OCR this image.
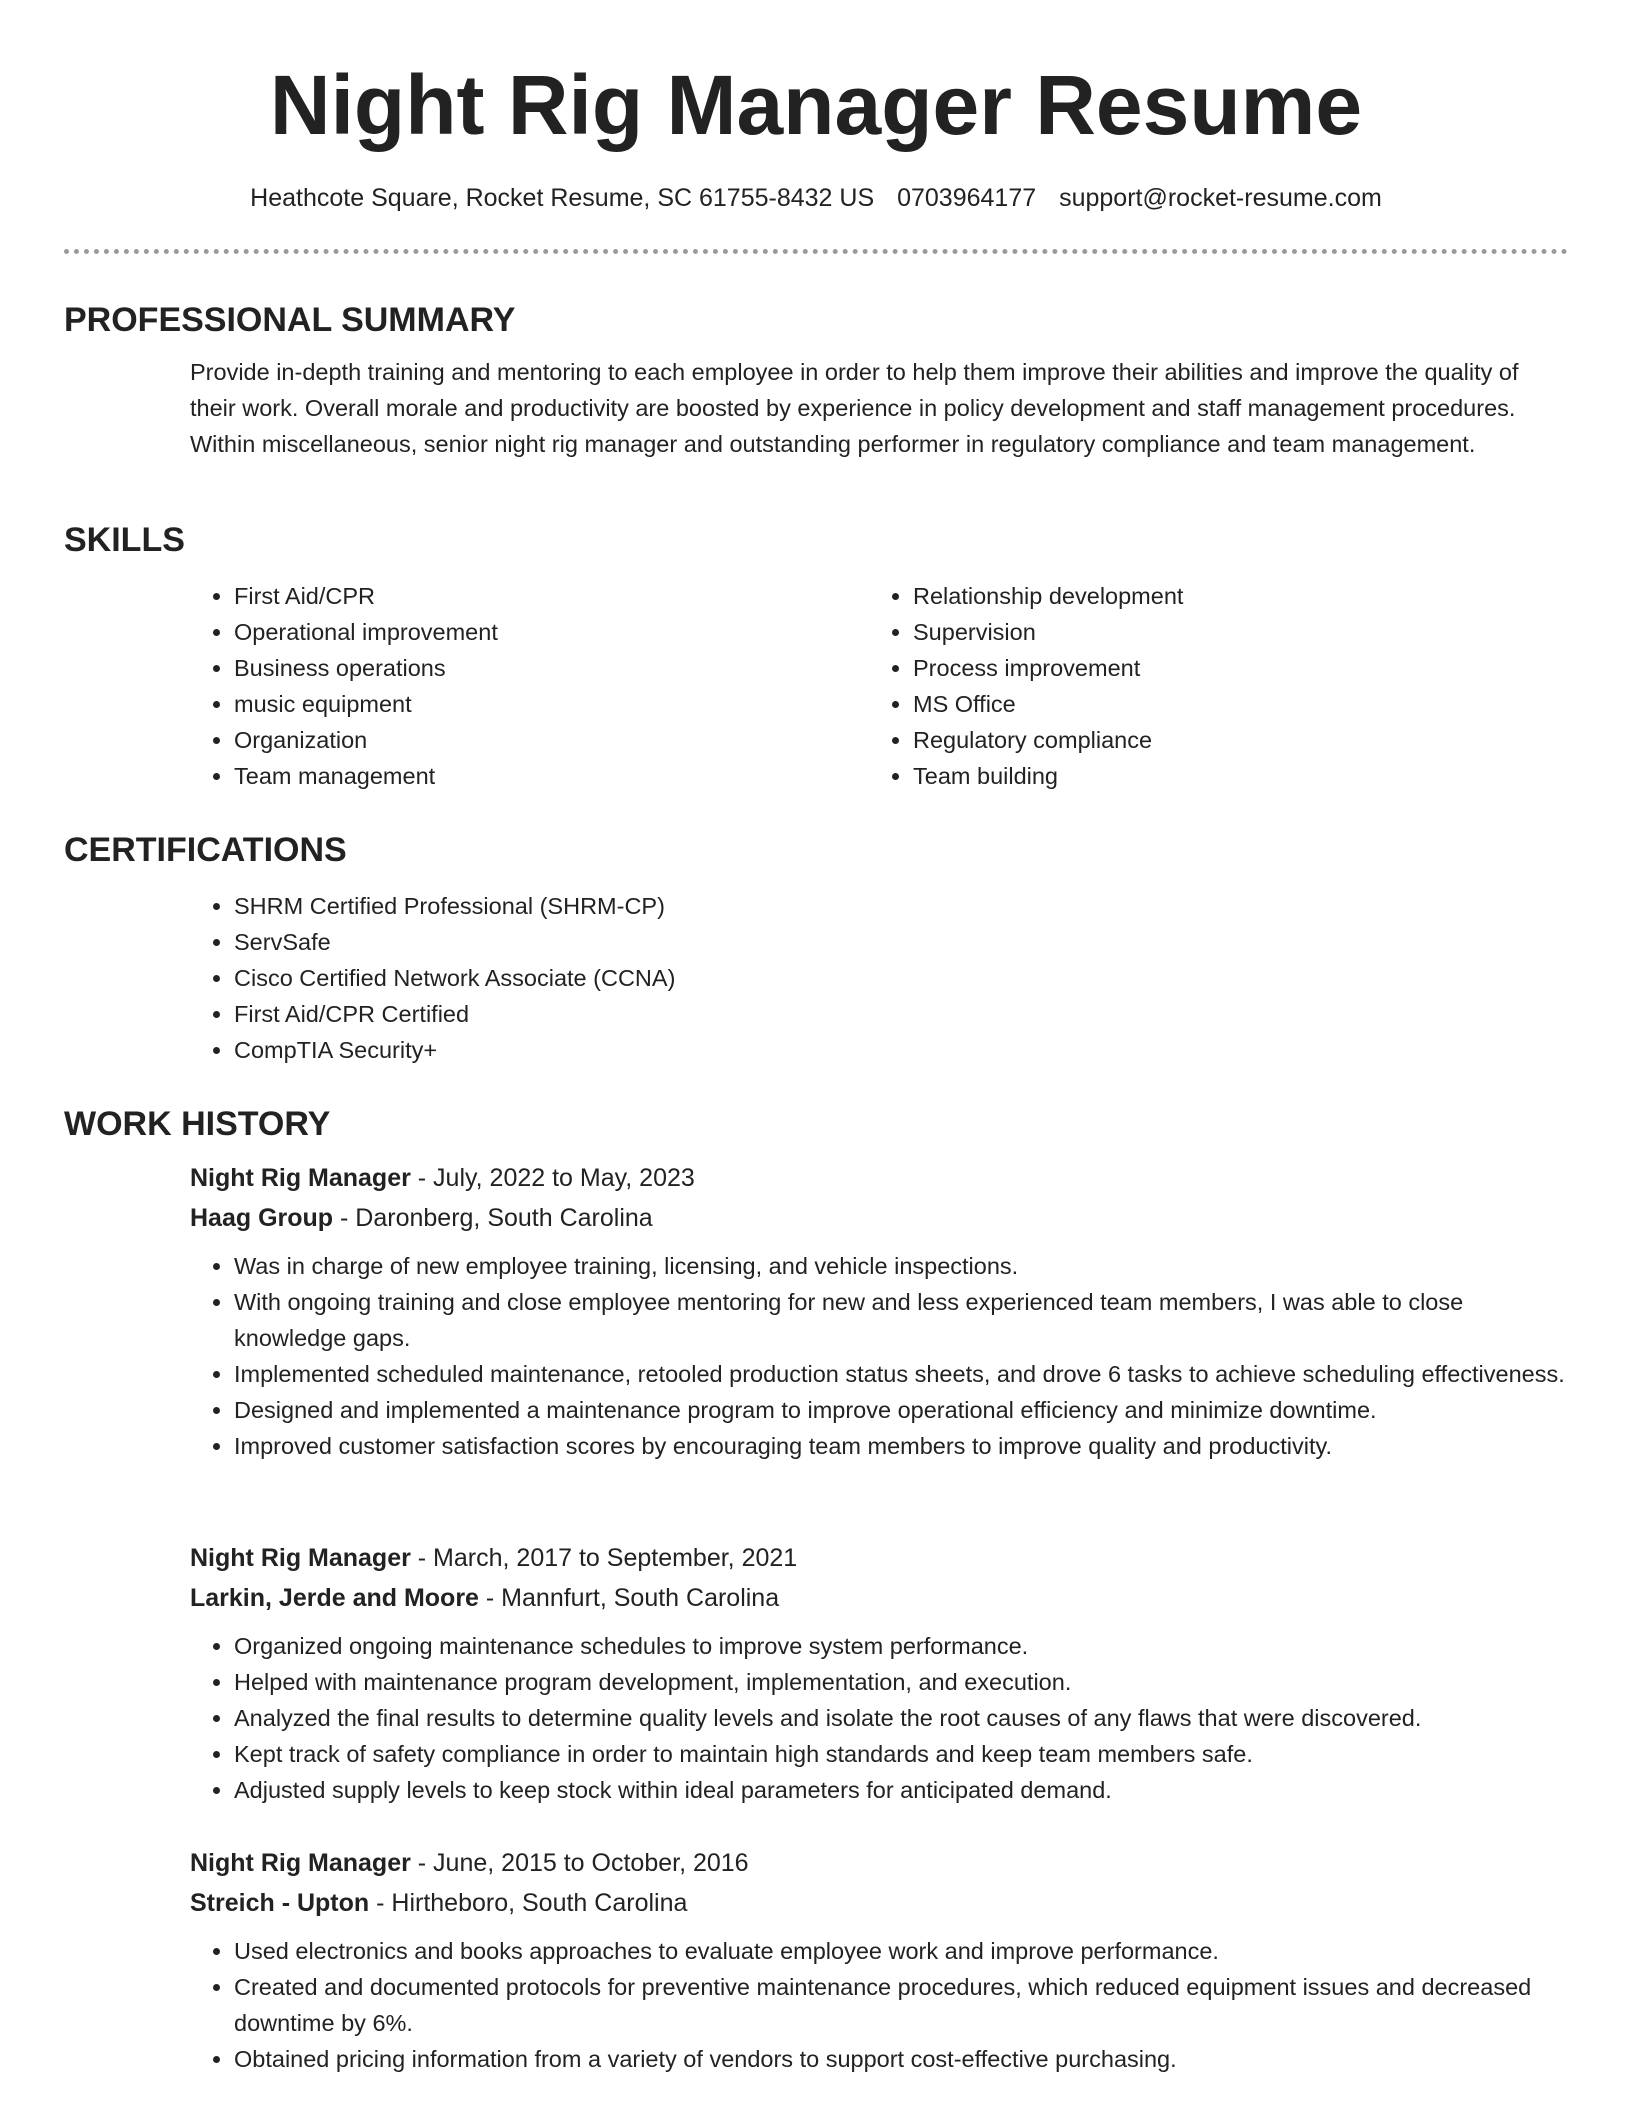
Night Rig Manager Resume
Heathcote Square, Rocket Resume, SC 61755-8432 US 0703964177 support@rocket-resume.com
PROFESSIONAL SUMMARY

Provide in-depth training and mentoring to each employee in order to help them improve their abilities and improve the quality of their work. Overall morale and productivity are boosted by experience in policy development and staff management procedures. Within miscellaneous, senior night rig manager and outstanding performer in regulatory compliance and team management.

SKILLS
• First Aid/CPR
• Operational improvement
• Business operations
• music equipment
• Organization
• Team management
• Relationship development
• Supervision
• Process improvement
• MS Office
• Regulatory compliance
• Team building
CERTIFICATIONS
• SHRM Certified Professional (SHRM-CP)
• ServSafe
• Cisco Certified Network Associate (CCNA)
• First Aid/CPR Certified
• CompTIA Security+
WORK HISTORY
Night Rig Manager - July, 2022 to May, 2023
Haag Group - Daronberg, South Carolina
• Was in charge of new employee training, licensing, and vehicle inspections.
• With ongoing training and close employee mentoring for new and less experienced team members, I was able to close knowledge gaps.
• Implemented scheduled maintenance, retooled production status sheets, and drove 6 tasks to achieve scheduling effectiveness.
• Designed and implemented a maintenance program to improve operational efficiency and minimize downtime.
• Improved customer satisfaction scores by encouraging team members to improve quality and productivity.
Night Rig Manager - March, 2017 to September, 2021
Larkin, Jerde and Moore - Mannfurt, South Carolina
• Organized ongoing maintenance schedules to improve system performance.
• Helped with maintenance program development, implementation, and execution.
• Analyzed the final results to determine quality levels and isolate the root causes of any flaws that were discovered.
• Kept track of safety compliance in order to maintain high standards and keep team members safe.
• Adjusted supply levels to keep stock within ideal parameters for anticipated demand.
Night Rig Manager - June, 2015 to October, 2016
Streich - Upton - Hirtheboro, South Carolina
• Used electronics and books approaches to evaluate employee work and improve performance.
• Created and documented protocols for preventive maintenance procedures, which reduced equipment issues and decreased downtime by 6%.
• Obtained pricing information from a variety of vendors to support cost-effective purchasing.
